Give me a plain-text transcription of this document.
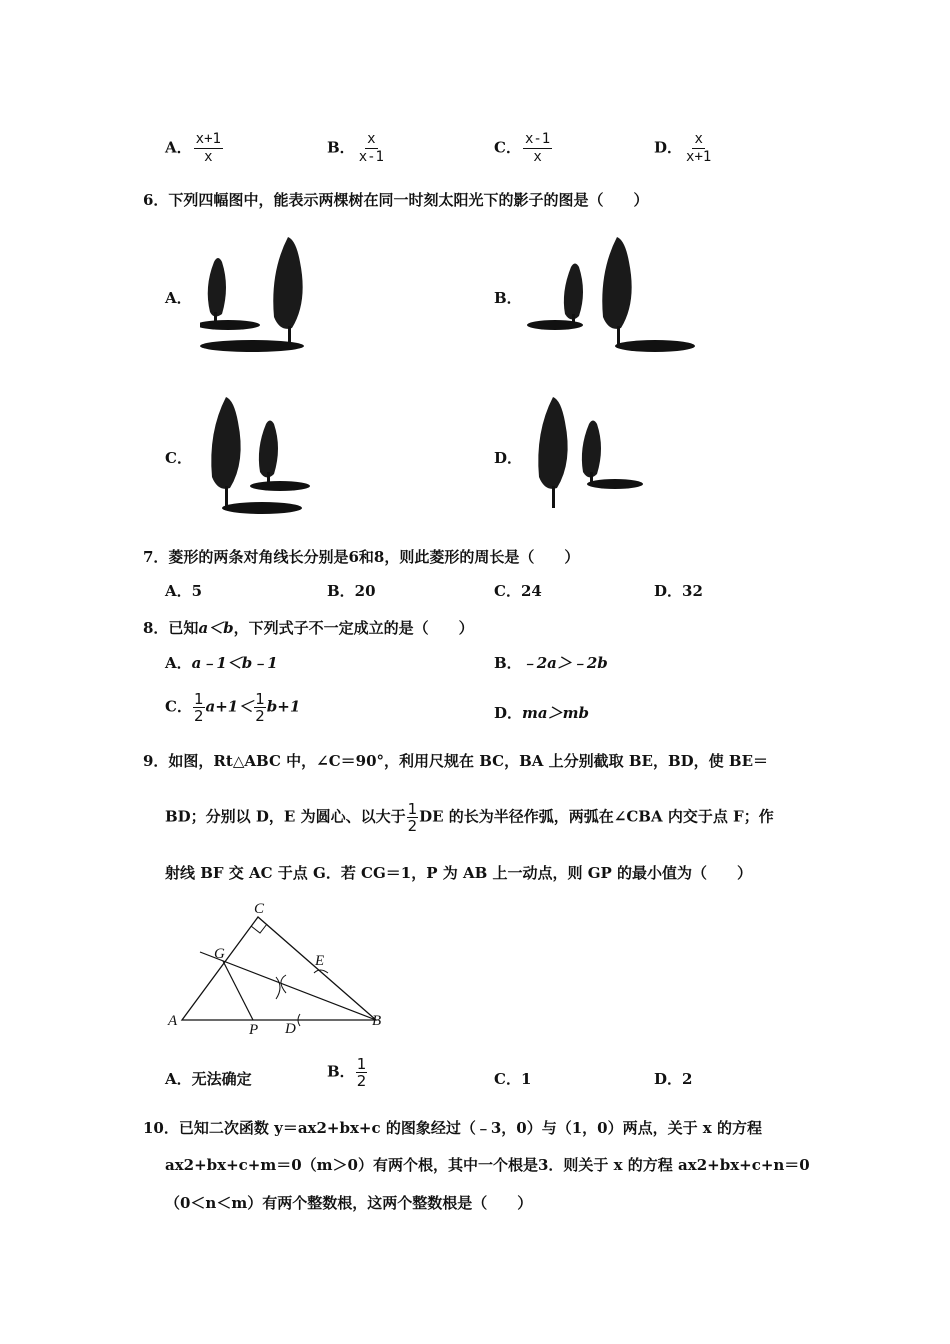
A． $\frac{x+1}{x}$	B． $\frac{x}{x-1}$	C． $\frac{x-1}{x}$	D． $\frac{x}{x+1}$
6．下列四幅图中，能表示两棵树在同一时刻太阳光下的影子的图是（　　）
A．	B．
C．	D．
7．菱形的两条对角线长分别是6和8，则此菱形的周长是（　　）
A．5	B．20	C．24	D．32
8．已知a＜b，下列式子不一定成立的是（　　）
A．a﹣1＜b﹣1	B．﹣2a＞﹣2b
C． $\frac{1}{2} a+1< \frac{1}{2} b+1$	D．ma＞mb
9．如图，Rt△ABC 中，∠C＝90°，利用尺规在 BC，BA 上分别截取 BE，BD，使 BE＝
BD；分别以 D，E 为圆心、以大于 $\frac{1}{2}$ DE 的长为半径作弧，两弧在∠CBA 内交于点 F；作
射线 BF 交 AC 于点 G．若 CG＝1，P 为 AB 上一动点，则 GP 的最小值为（　　）
C
G	E
A
P D	B
A．无法确定	B． $\frac{1}{2}$	C．1	D．2
10．已知二次函数 y＝ax2+bx+c 的图象经过（﹣3，0）与（1，0）两点，关于 x 的方程
ax2+bx+c+m＝0（m＞0）有两个根，其中一个根是3．则关于 x 的方程 ax2+bx+c+n＝0
（0＜n＜m）有两个整数根，这两个整数根是（　　）
